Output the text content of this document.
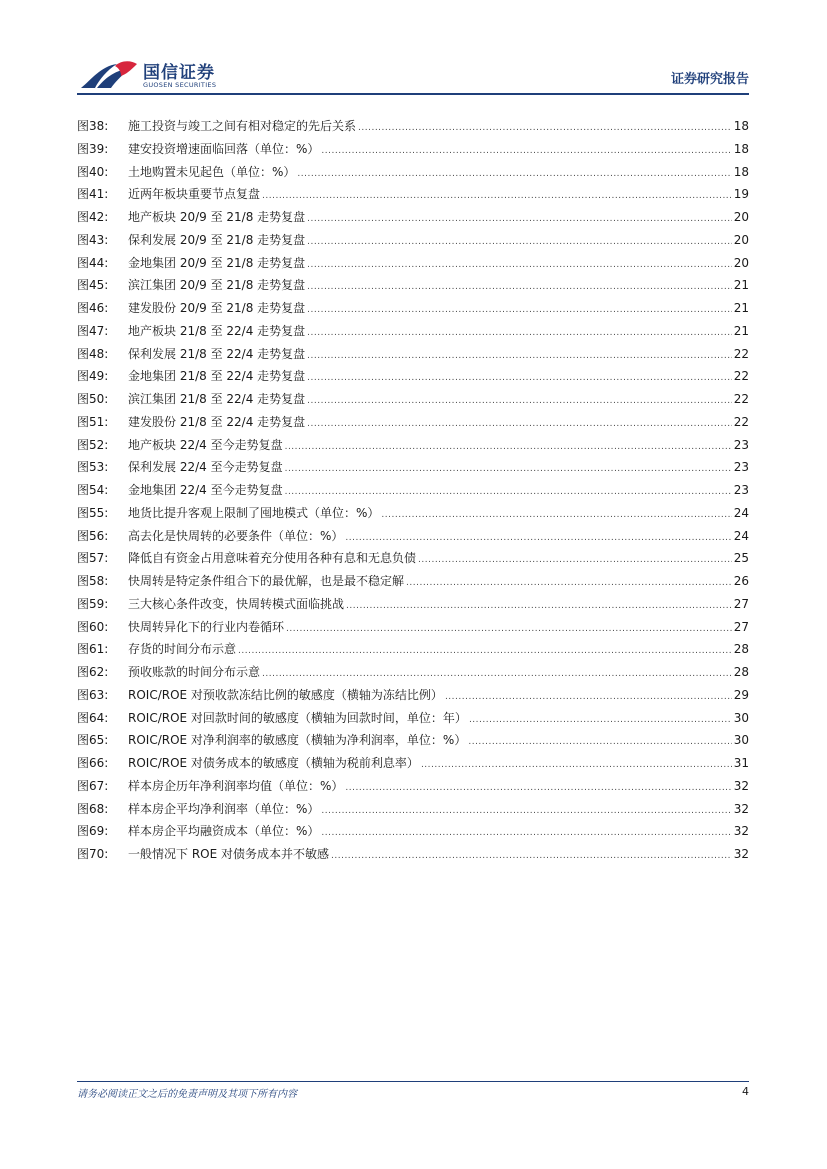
国信证券
GUOSEN SECURITIES	证券研究报告
图38:	施工投资与竣工之间有相对稳定的先后关系 .....	18
图39:	建安投资增速面临回落（单位：%） .....	18
图40:	土地购置未见起色（单位：%） .....	18
图41:	近两年板块重要节点复盘 .....	19
图42:	地产板块 20/9 至 21/8 走势复盘 .....	20
图43:	保利发展 20/9 至 21/8 走势复盘 .....	20
图44:	金地集团 20/9 至 21/8 走势复盘 .....	20
图45:	滨江集团 20/9 至 21/8 走势复盘 .....	21
图46:	建发股份 20/9 至 21/8 走势复盘 .....	21
图47:	地产板块 21/8 至 22/4 走势复盘 .....	21
图48:	保利发展 21/8 至 22/4 走势复盘 .....	22
图49:	金地集团 21/8 至 22/4 走势复盘 .....	22
图50:	滨江集团 21/8 至 22/4 走势复盘 .....	22
图51:	建发股份 21/8 至 22/4 走势复盘 .....	22
图52:	地产板块 22/4 至今走势复盘 .....	23
图53:	保利发展 22/4 至今走势复盘 .....	23
图54:	金地集团 22/4 至今走势复盘 .....	23
图55:	地货比提升客观上限制了囤地模式（单位：%） .....	24
图56:	高去化是快周转的必要条件（单位：%） .....	24
图57:	降低自有资金占用意味着充分使用各种有息和无息负债 .....	25
图58:	快周转是特定条件组合下的最优解，也是最不稳定解 .....	26
图59:	三大核心条件改变，快周转模式面临挑战 .....	27
图60:	快周转异化下的行业内卷循环 .....	27
图61:	存货的时间分布示意 .....	28
图62:	预收账款的时间分布示意 .....	28
图63:	ROIC/ROE 对预收款冻结比例的敏感度（横轴为冻结比例） .....	29
图64:	ROIC/ROE 对回款时间的敏感度（横轴为回款时间，单位：年） .....	30
图65:	ROIC/ROE 对净利润率的敏感度（横轴为净利润率，单位：%） .....	30
图66:	ROIC/ROE 对债务成本的敏感度（横轴为税前利息率） .....	31
图67:	样本房企历年净利润率均值（单位：%） .....	32
图68:	样本房企平均净利润率（单位：%） .....	32
图69:	样本房企平均融资成本（单位：%） .....	32
图70:	一般情况下 ROE 对债务成本并不敏感 .....	32
请务必阅读正文之后的免责声明及其项下所有内容	4
